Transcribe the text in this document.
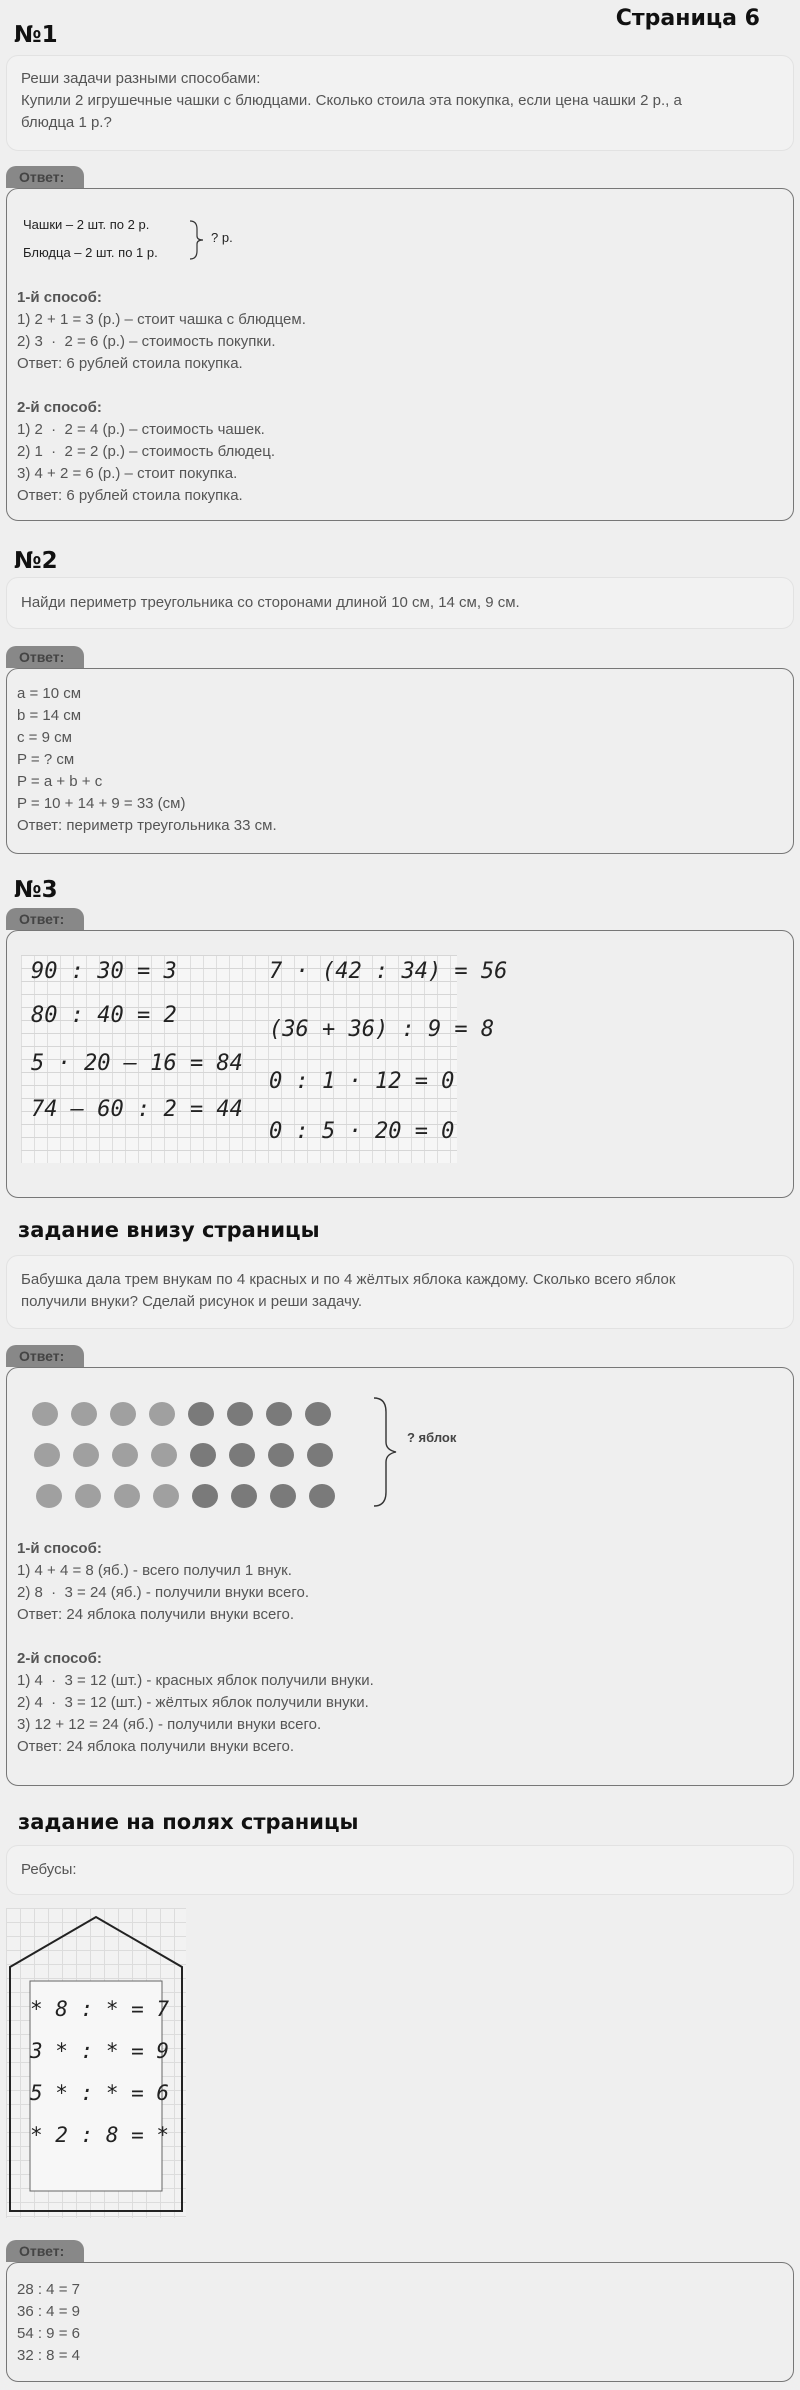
Страница 6
№1
Реши задачи разными способами:
Купили 2 игрушечные чашки с блюдцами. Сколько стоила эта покупка, если цена чашки 2 р., а
блюдца 1 р.?
Ответ:
Чашки – 2 шт. по 2 р.
Блюдца – 2 шт. по 1 р.
? р.
1-й способ:
1) 2 + 1 = 3 (р.) – стоит чашка с блюдцем.
2) 3  ·  2 = 6 (р.) – стоимость покупки.
Ответ: 6 рублей стоила покупка.
2-й способ:
1) 2  ·  2 = 4 (р.) – стоимость чашек.
2) 1  ·  2 = 2 (р.) – стоимость блюдец.
3) 4 + 2 = 6 (р.) – стоит покупка.
Ответ: 6 рублей стоила покупка.
№2
Найди периметр треугольника со сторонами длиной 10 см, 14 см, 9 см.
Ответ:
a = 10 см
b = 14 см
c = 9 см
P = ? см
P = a + b + c
P = 10 + 14 + 9 = 33 (см)
Ответ: периметр треугольника 33 см.
№3
Ответ:
90 : 30 = 3
80 : 40 = 2
5 · 20 – 16 = 84
74 – 60 : 2 = 44
7 · (42 : 34) = 56
(36 + 36) : 9 = 8
0 : 1 · 12 = 0
0 : 5 · 20 = 0
задание внизу страницы
Бабушка дала трем внукам по 4 красных и по 4 жёлтых яблока каждому. Сколько всего яблок
получили внуки? Сделай рисунок и реши задачу.
Ответ:
? яблок
1-й способ:
1) 4 + 4 = 8 (яб.) - всего получил 1 внук.
2) 8  ·  3 = 24 (яб.) - получили внуки всего.
Ответ: 24 яблока получили внуки всего.
2-й способ:
1) 4  ·  3 = 12 (шт.) - красных яблок получили внуки.
2) 4  ·  3 = 12 (шт.) - жёлтых яблок получили внуки.
3) 12 + 12 = 24 (яб.) - получили внуки всего.
Ответ: 24 яблока получили внуки всего.
задание на полях страницы
Ребусы:
* 8 : * = 7
3 * : * = 9
5 * : * = 6
* 2 : 8 = *
Ответ:
28 : 4 = 7
36 : 4 = 9
54 : 9 = 6
32 : 8 = 4
